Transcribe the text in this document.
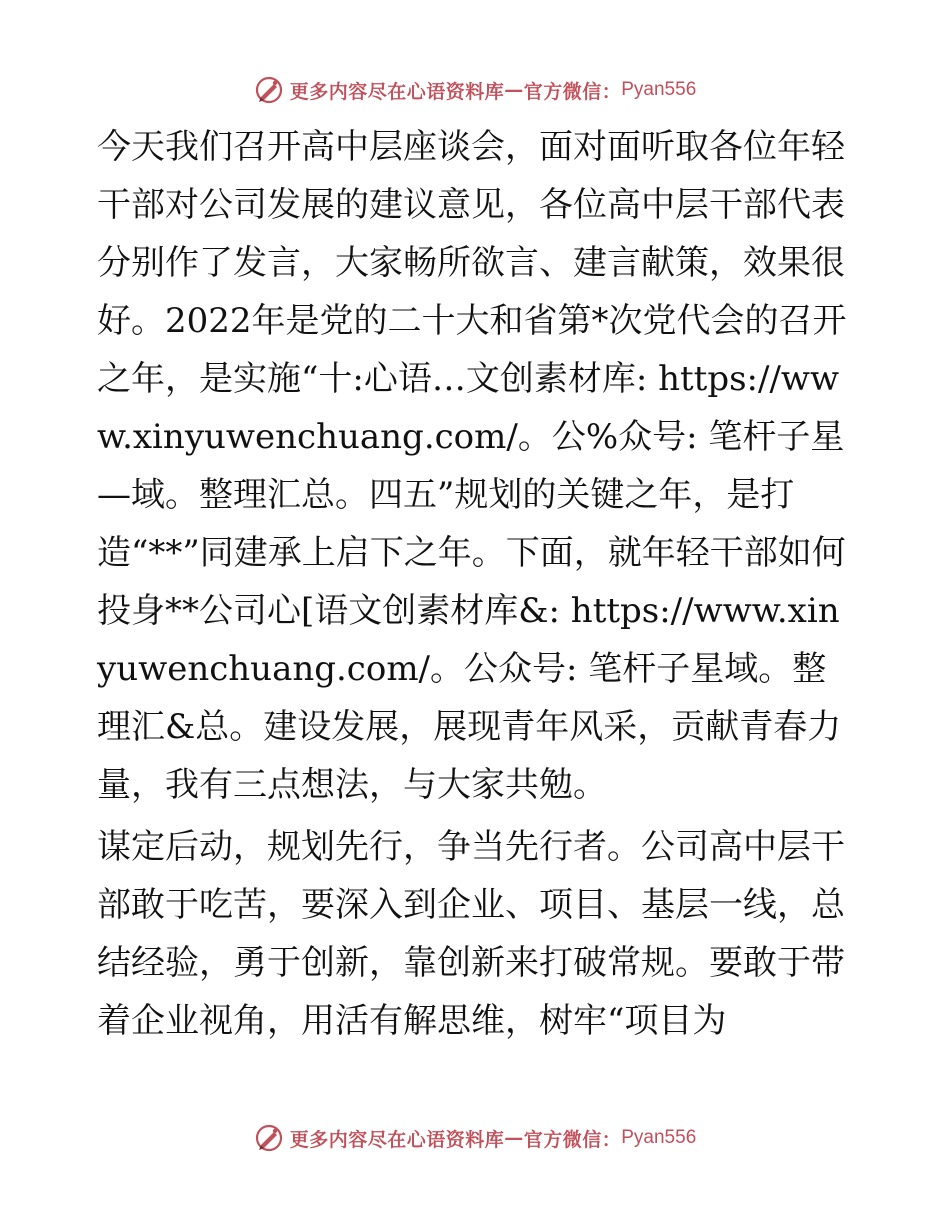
更多内容尽在心语资料库 — 官方微信： Pyan556

今天我们召开高中层座谈会，面对面听取各位年轻干部对公司发展的建议意见，各位高中层干部代表分别作了发言，大家畅所欲言、建言献策，效果很好。2022年是党的二十大和省第*次党代会的召开之年，是实施“十:心语…文创素材库: https://www.xinyuwenchuang.com/。公%众号: 笔杆子星—域。整理汇总。四五”规划的关键之年，是打造“**”同建承上启下之年。下面，就年轻干部如何投身**公司心[语文创素材库&: https://www.xinyuwenchuang.com/。公众号: 笔杆子星域。整理汇&总。建设发展，展现青年风采，贡献青春力量，我有三点想法，与大家共勉。

谋定后动，规划先行，争当先行者。公司高中层干部敢于吃苦，要深入到企业、项目、基层一线，总结经验，勇于创新，靠创新来打破常规。要敢于带着企业视角，用活有解思维，树牢“项目为

更多内容尽在心语资料库 — 官方微信： Pyan556
